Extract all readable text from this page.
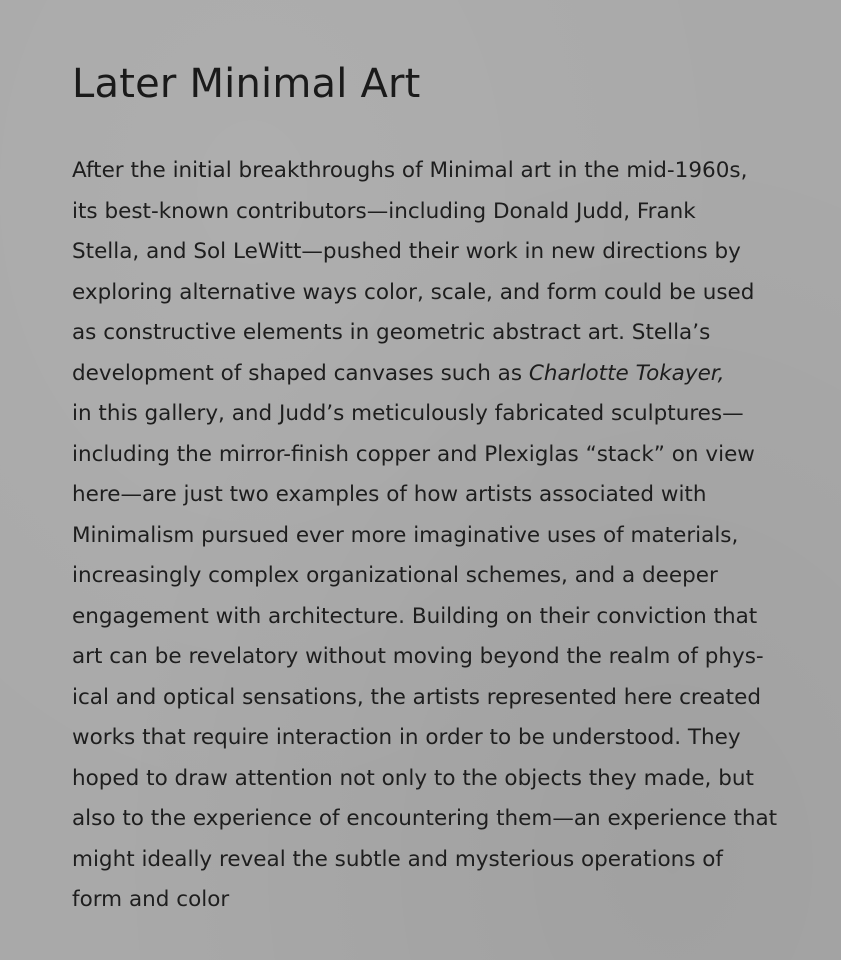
Later Minimal Art
After the initial breakthroughs of Minimal art in the mid-1960s,
its best-known contributors—including Donald Judd, Frank
Stella, and Sol LeWitt—pushed their work in new directions by
exploring alternative ways color, scale, and form could be used
as constructive elements in geometric abstract art. Stella’s
development of shaped canvases such as Charlotte Tokayer,
in this gallery, and Judd’s meticulously fabricated sculptures—
including the mirror-finish copper and Plexiglas “stack” on view
here—are just two examples of how artists associated with
Minimalism pursued ever more imaginative uses of materials,
increasingly complex organizational schemes, and a deeper
engagement with architecture. Building on their conviction that
art can be revelatory without moving beyond the realm of phys-
ical and optical sensations, the artists represented here created
works that require interaction in order to be understood. They
hoped to draw attention not only to the objects they made, but
also to the experience of encountering them—an experience that
might ideally reveal the subtle and mysterious operations of
form and color
